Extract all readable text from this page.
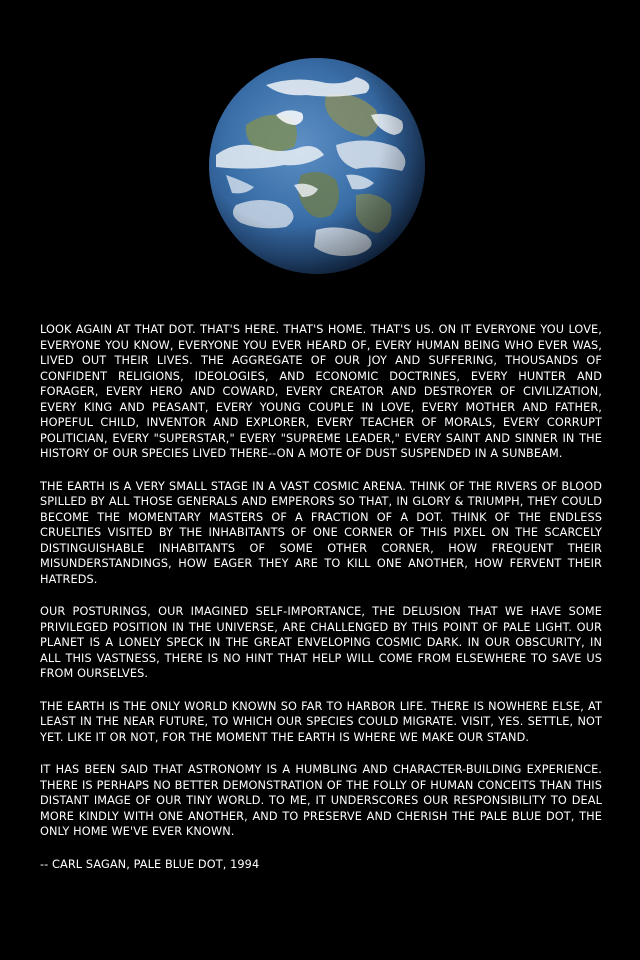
LOOK AGAIN AT THAT DOT. THAT'S HERE. THAT'S HOME. THAT'S US. ON IT EVERYONE YOU LOVE, EVERYONE YOU KNOW, EVERYONE YOU EVER HEARD OF, EVERY HUMAN BEING WHO EVER WAS, LIVED OUT THEIR LIVES. THE AGGREGATE OF OUR JOY AND SUFFERING, THOUSANDS OF CONFIDENT RELIGIONS, IDEOLOGIES, AND ECONOMIC DOCTRINES, EVERY HUNTER AND FORAGER, EVERY HERO AND COWARD, EVERY CREATOR AND DESTROYER OF CIVILIZATION, EVERY KING AND PEASANT, EVERY YOUNG COUPLE IN LOVE, EVERY MOTHER AND FATHER, HOPEFUL CHILD, INVENTOR AND EXPLORER, EVERY TEACHER OF MORALS, EVERY CORRUPT POLITICIAN, EVERY "SUPERSTAR," EVERY "SUPREME LEADER," EVERY SAINT AND SINNER IN THE HISTORY OF OUR SPECIES LIVED THERE--ON A MOTE OF DUST SUSPENDED IN A SUNBEAM.

THE EARTH IS A VERY SMALL STAGE IN A VAST COSMIC ARENA. THINK OF THE RIVERS OF BLOOD SPILLED BY ALL THOSE GENERALS AND EMPERORS SO THAT, IN GLORY & TRIUMPH, THEY COULD BECOME THE MOMENTARY MASTERS OF A FRACTION OF A DOT. THINK OF THE ENDLESS CRUELTIES VISITED BY THE INHABITANTS OF ONE CORNER OF THIS PIXEL ON THE SCARCELY DISTINGUISHABLE INHABITANTS OF SOME OTHER CORNER, HOW FREQUENT THEIR MISUNDERSTANDINGS, HOW EAGER THEY ARE TO KILL ONE ANOTHER, HOW FERVENT THEIR HATREDS.

OUR POSTURINGS, OUR IMAGINED SELF-IMPORTANCE, THE DELUSION THAT WE HAVE SOME PRIVILEGED POSITION IN THE UNIVERSE, ARE CHALLENGED BY THIS POINT OF PALE LIGHT. OUR PLANET IS A LONELY SPECK IN THE GREAT ENVELOPING COSMIC DARK. IN OUR OBSCURITY, IN ALL THIS VASTNESS, THERE IS NO HINT THAT HELP WILL COME FROM ELSEWHERE TO SAVE US FROM OURSELVES.

THE EARTH IS THE ONLY WORLD KNOWN SO FAR TO HARBOR LIFE. THERE IS NOWHERE ELSE, AT LEAST IN THE NEAR FUTURE, TO WHICH OUR SPECIES COULD MIGRATE. VISIT, YES. SETTLE, NOT YET. LIKE IT OR NOT, FOR THE MOMENT THE EARTH IS WHERE WE MAKE OUR STAND.

IT HAS BEEN SAID THAT ASTRONOMY IS A HUMBLING AND CHARACTER-BUILDING EXPERIENCE. THERE IS PERHAPS NO BETTER DEMONSTRATION OF THE FOLLY OF HUMAN CONCEITS THAN THIS DISTANT IMAGE OF OUR TINY WORLD. TO ME, IT UNDERSCORES OUR RESPONSIBILITY TO DEAL MORE KINDLY WITH ONE ANOTHER, AND TO PRESERVE AND CHERISH THE PALE BLUE DOT, THE ONLY HOME WE'VE EVER KNOWN.

-- CARL SAGAN, PALE BLUE DOT, 1994
